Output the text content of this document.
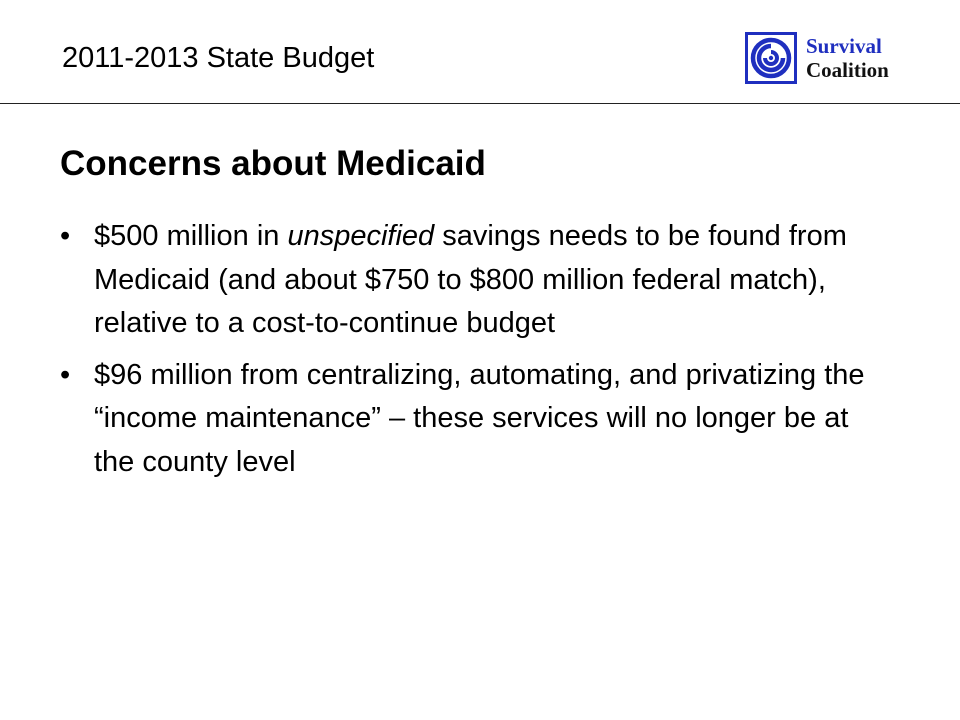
2011-2013 State Budget	Survival
Coalition
Concerns about Medicaid
• $500 million in unspecified savings needs to be found from Medicaid (and about $750 to $800 million federal match), relative to a cost-to-continue budget
• $96 million from centralizing, automating, and privatizing the “income maintenance” – these services will no longer be at the county level
